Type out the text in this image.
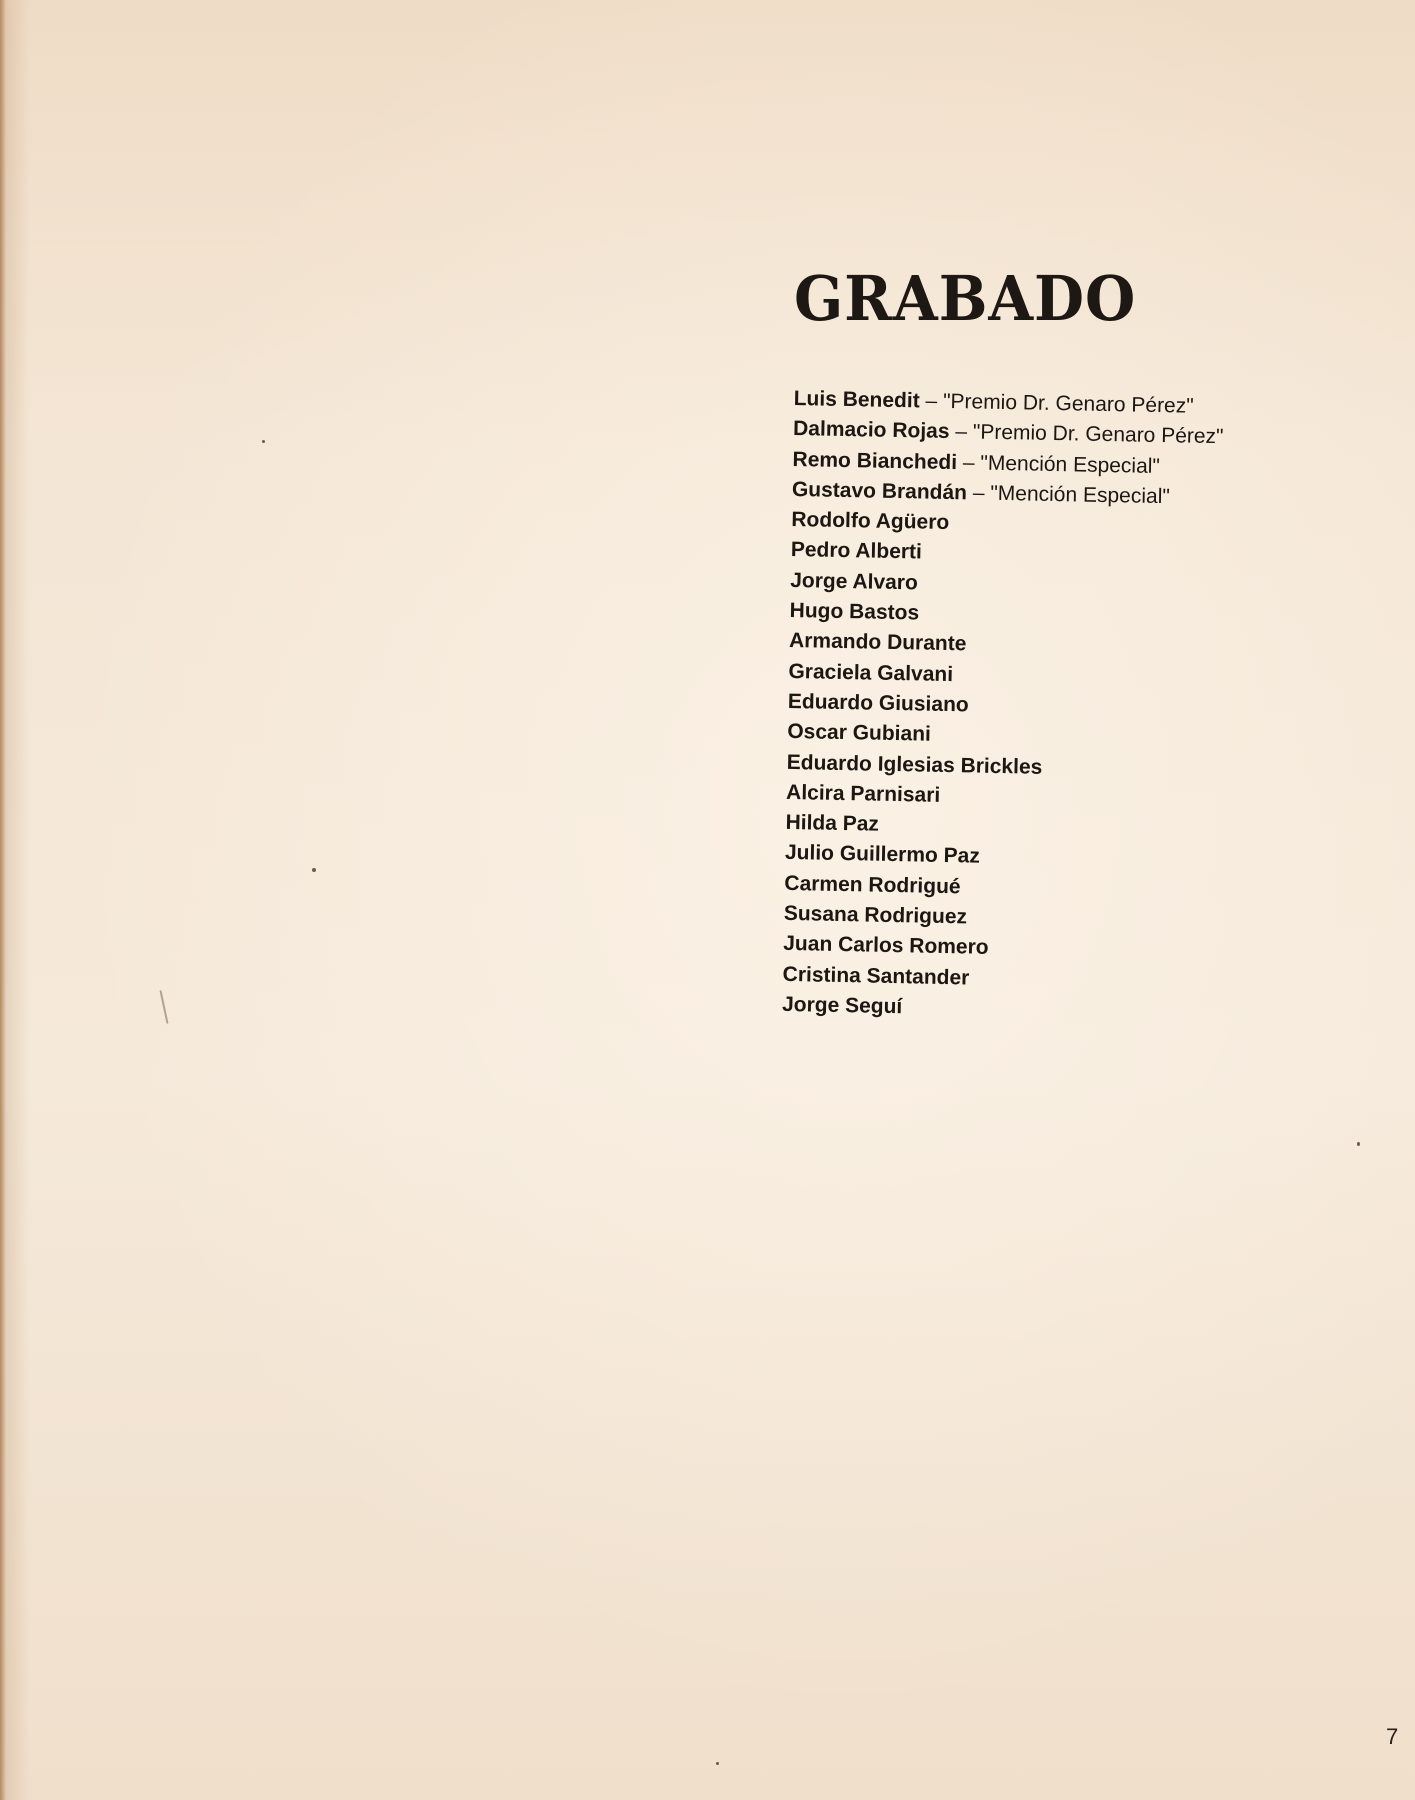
GRABADO
Luis Benedit – "Premio Dr. Genaro Pérez"
Dalmacio Rojas – "Premio Dr. Genaro Pérez"
Remo Bianchedi – "Mención Especial"
Gustavo Brandán – "Mención Especial"
Rodolfo Agüero
Pedro Alberti
Jorge Alvaro
Hugo Bastos
Armando Durante
Graciela Galvani
Eduardo Giusiano
Oscar Gubiani
Eduardo Iglesias Brickles
Alcira Parnisari
Hilda Paz
Julio Guillermo Paz
Carmen Rodrigué
Susana Rodriguez
Juan Carlos Romero
Cristina Santander
Jorge Seguí
7
